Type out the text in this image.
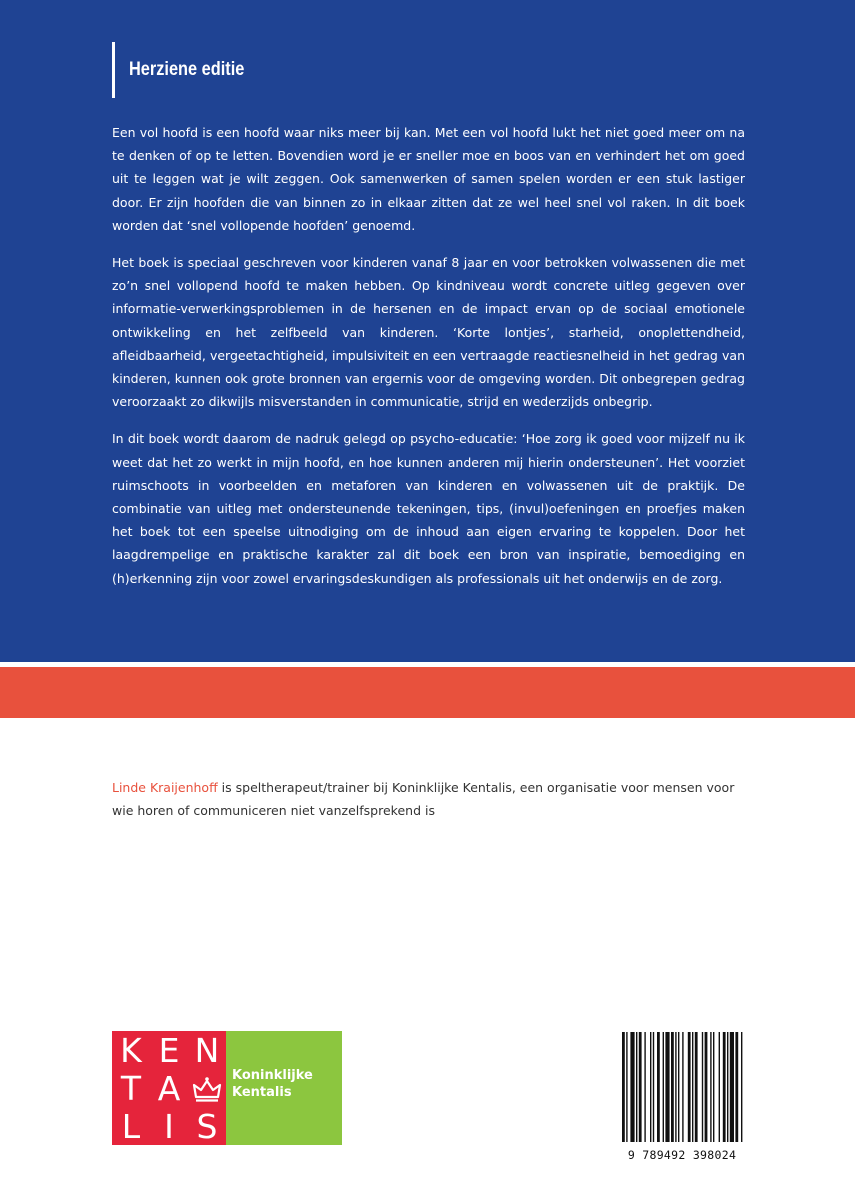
Herziene editie

Een vol hoofd is een hoofd waar niks meer bij kan. Met een vol hoofd lukt het niet goed meer om na te denken of op te letten. Bovendien word je er sneller moe en boos van en verhindert het om goed uit te leggen wat je wilt zeggen. Ook samenwerken of samen spelen worden er een stuk lastiger door. Er zijn hoofden die van binnen zo in elkaar zitten dat ze wel heel snel vol raken. In dit boek worden dat ‘snel vollopende hoofden’ genoemd.

Het boek is speciaal geschreven voor kinderen vanaf 8 jaar en voor betrokken volwassenen die met zo’n snel vollopend hoofd te maken hebben. Op kindniveau wordt concrete uitleg gegeven over informatie-verwerkingsproblemen in de hersenen en de impact ervan op de sociaal emotionele ontwikkeling en het zelfbeeld van kinderen. ‘Korte lontjes’, starheid, onoplettendheid, afleidbaarheid, vergeetachtigheid, impulsiviteit en een vertraagde reactiesnelheid in het gedrag van kinderen, kunnen ook grote bronnen van ergernis voor de omgeving worden. Dit onbegrepen gedrag veroorzaakt zo dikwijls misverstanden in communicatie, strijd en wederzijds onbegrip.

In dit boek wordt daarom de nadruk gelegd op psycho-educatie: ‘Hoe zorg ik goed voor mijzelf nu ik weet dat het zo werkt in mijn hoofd, en hoe kunnen anderen mij hierin ondersteunen’. Het voorziet ruimschoots in voorbeelden en metaforen van kinderen en volwassenen uit de praktijk. De combinatie van uitleg met ondersteunende tekeningen, tips, (invul)oefeningen en proefjes maken het boek tot een speelse uitnodiging om de inhoud aan eigen ervaring te koppelen. Door het laagdrempelige en praktische karakter zal dit boek een bron van inspiratie, bemoediging en (h)erkenning zijn voor zowel ervaringsdeskundigen als professionals uit het onderwijs en de zorg.

Linde Kraijenhoff is speltherapeut/trainer bij Koninklijke Kentalis, een organisatie voor mensen voor wie horen of communiceren niet vanzelfsprekend is
K E N
T A
L I S
Koninklijke
Kentalis
9 789492 398024
